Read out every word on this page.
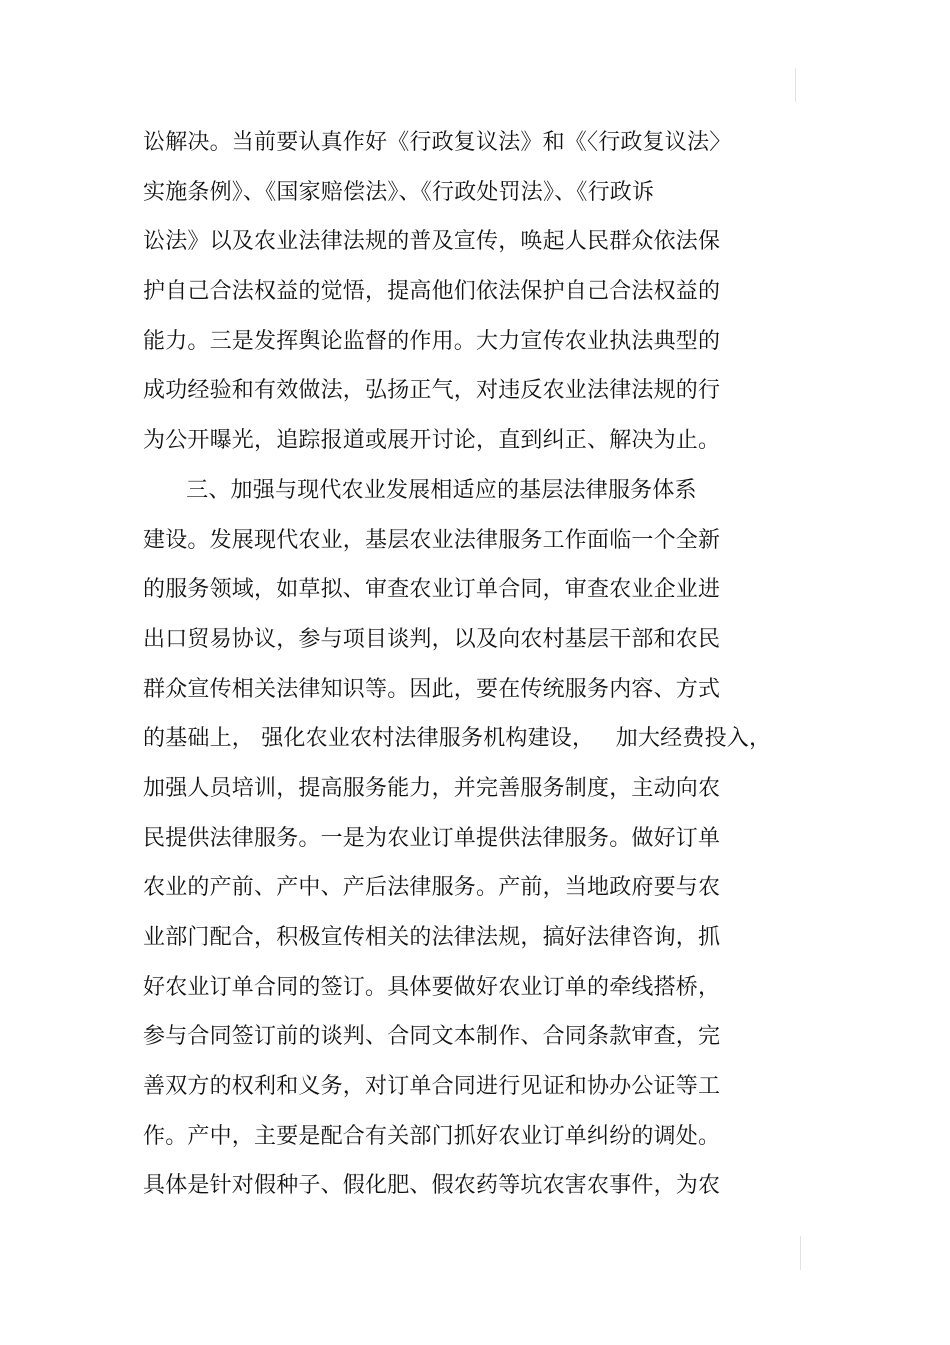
讼解决。当前要认真作好《行政复议法》和《〈行政复议法〉
实施条例》、《国家赔偿法》、《行政处罚法》、《行政诉
讼法》以及农业法律法规的普及宣传，唤起人民群众依法保
护自己合法权益的觉悟，提高他们依法保护自己合法权益的
能力。三是发挥舆论监督的作用。大力宣传农业执法典型的
成功经验和有效做法，弘扬正气，对违反农业法律法规的行
为公开曝光，追踪报道或展开讨论，直到纠正、解决为止。
三、加强与现代农业发展相适应的基层法律服务体系
建设。发展现代农业，基层农业法律服务工作面临一个全新
的服务领域，如草拟、审查农业订单合同，审查农业企业进
出口贸易协议，参与项目谈判，以及向农村基层干部和农民
群众宣传相关法律知识等。因此，要在传统服务内容、方式
的基础上， 强化农业农村法律服务机构建设，   加大经费投入，
加强人员培训，提高服务能力，并完善服务制度，主动向农
民提供法律服务。一是为农业订单提供法律服务。做好订单
农业的产前、产中、产后法律服务。产前，当地政府要与农
业部门配合，积极宣传相关的法律法规，搞好法律咨询，抓
好农业订单合同的签订。具体要做好农业订单的牵线搭桥，
参与合同签订前的谈判、合同文本制作、合同条款审查，完
善双方的权利和义务，对订单合同进行见证和协办公证等工
作。产中，主要是配合有关部门抓好农业订单纠纷的调处。
具体是针对假种子、假化肥、假农药等坑农害农事件，为农
